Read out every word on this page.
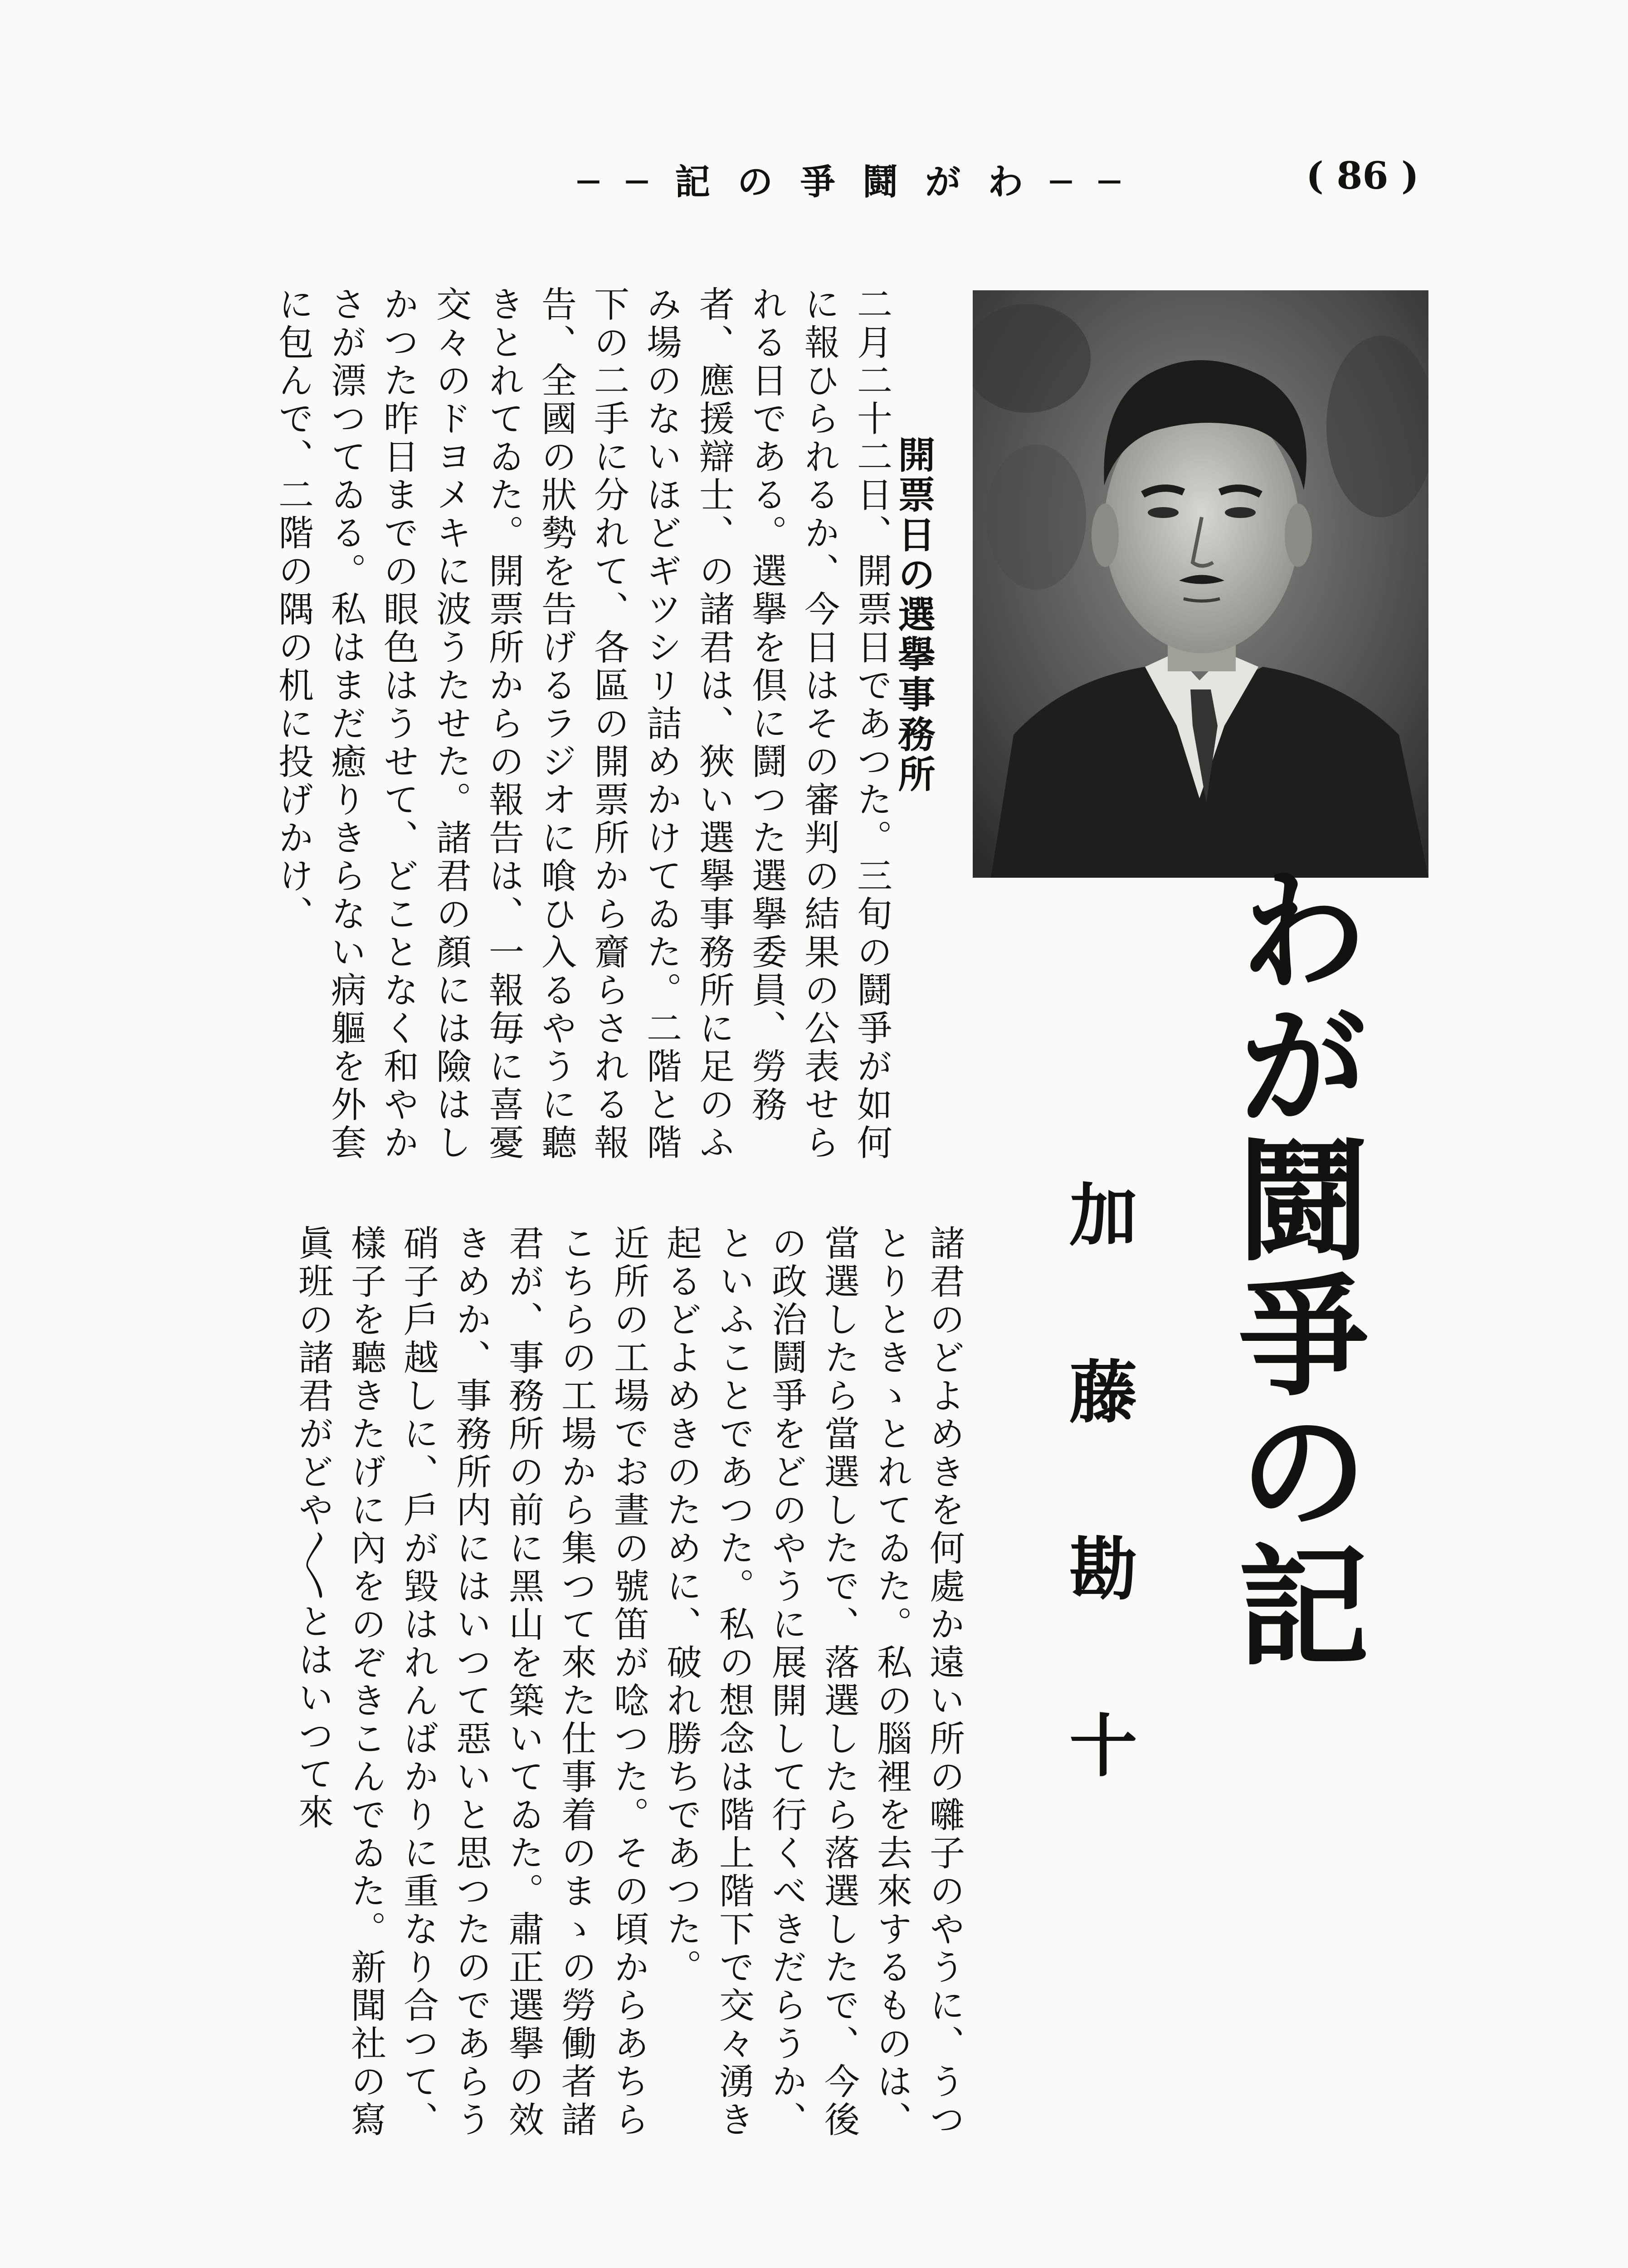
──記の爭鬪がわ──	( 86 )
わが鬪爭の記
加藤勘十
開票日の選擧事務所

二月二十二日、開票日であつた。三旬の鬪爭が如何に報ひられるか、今日はその審判の結果の公表せられる日である。選擧を倶に鬪つた選擧委員、勞務者、應援辯士、の諸君は、狹い選擧事務所に足のふみ場のないほどギツシリ詰めかけてゐた。二階と階下の二手に分れて、各區の開票所から齎らされる報告、全國の狀勢を告げるラジオに喰ひ入るやうに聽きとれてゐた。開票所からの報告は、一報毎に喜憂交々のドヨメキに波うたせた。諸君の顏には險はしかつた昨日までの眼色はうせて、どことなく和やかさが漂つてゐる。私はまだ癒りきらない病軀を外套に包んで、二階の隅の机に投げかけ、

諸君のどよめきを何處か遠い所の囃子のやうに、うつとりときゝとれてゐた。私の腦裡を去來するものは、當選したら當選したで、落選したら落選したで、今後の政治鬪爭をどのやうに展開して行くべきだらうか、といふことであつた。私の想念は階上階下で交々湧き起るどよめきのために、破れ勝ちであつた。

近所の工場でお晝の號笛が唸つた。その頃からあちらこちらの工場から集つて來た仕事着のまゝの勞働者諸君が、事務所の前に黑山を築いてゐた。肅正選擧の效きめか、事務所内にはいつて惡いと思つたのであらう硝子戶越しに、戶が毀はれんばかりに重なり合つて、樣子を聽きたげに內をのぞきこんでゐた。新聞社の寫眞班の諸君がどや〳〵とはいつて來
